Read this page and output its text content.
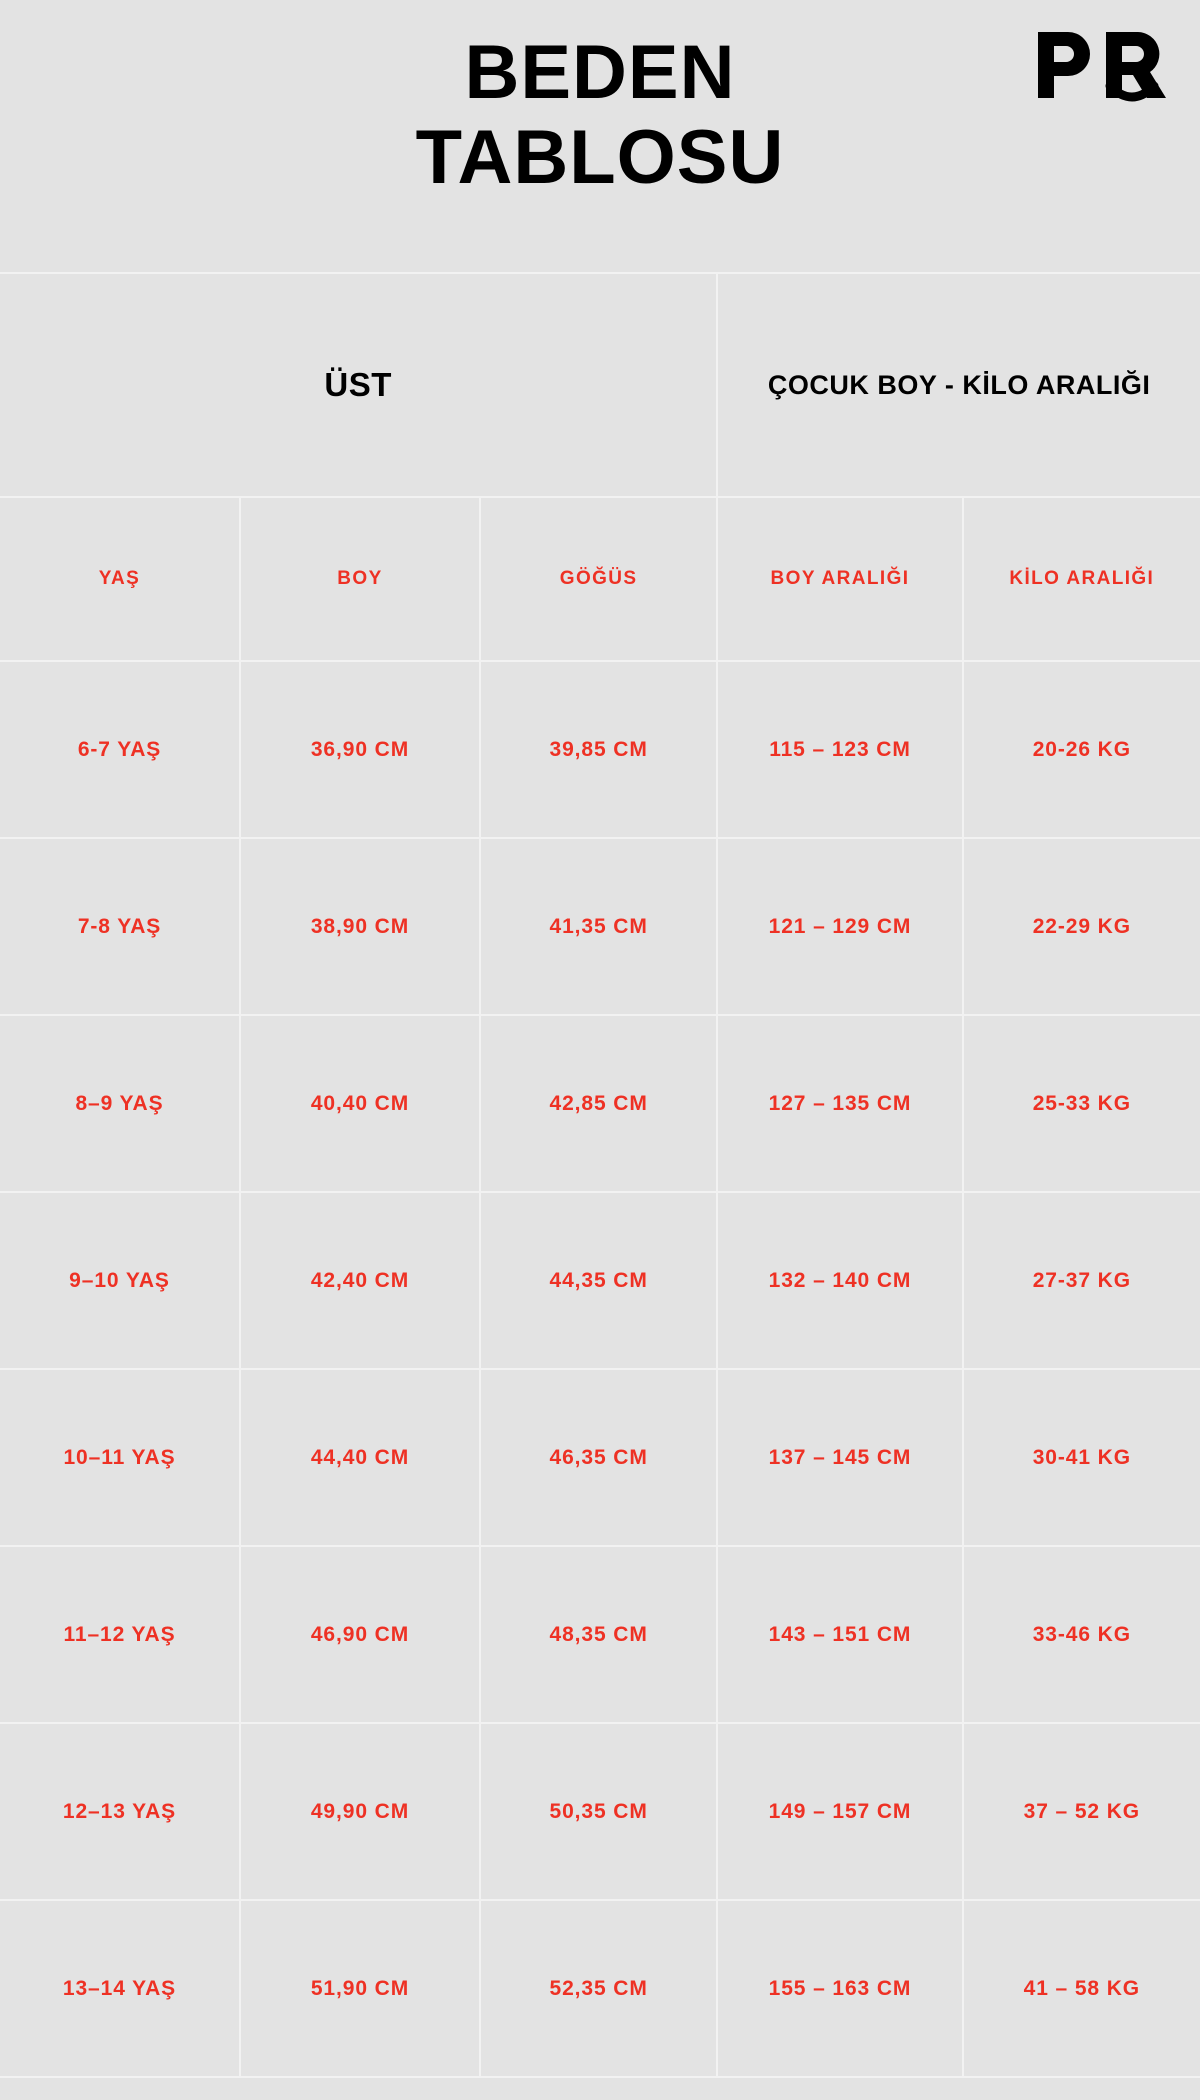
BEDEN
TABLOSU
ÜST			ÇOCUK BOY - KİLO ARALIĞI	
YAŞ	BOY	GÖĞÜS	BOY ARALIĞI	KİLO ARALIĞI
6-7 YAŞ	36,90 CM	39,85 CM	115 – 123 CM	20-26 KG
7-8 YAŞ	38,90 CM	41,35 CM	121 – 129 CM	22-29 KG
8–9 YAŞ	40,40 CM	42,85 CM	127 – 135 CM	25-33 KG
9–10 YAŞ	42,40 CM	44,35 CM	132 – 140 CM	27-37 KG
10–11 YAŞ	44,40 CM	46,35 CM	137 – 145 CM	30-41 KG
11–12 YAŞ	46,90 CM	48,35 CM	143 – 151 CM	33-46 KG
12–13 YAŞ	49,90 CM	50,35 CM	149 – 157 CM	37 – 52 KG
13–14 YAŞ	51,90 CM	52,35 CM	155 – 163 CM	41 – 58 KG
